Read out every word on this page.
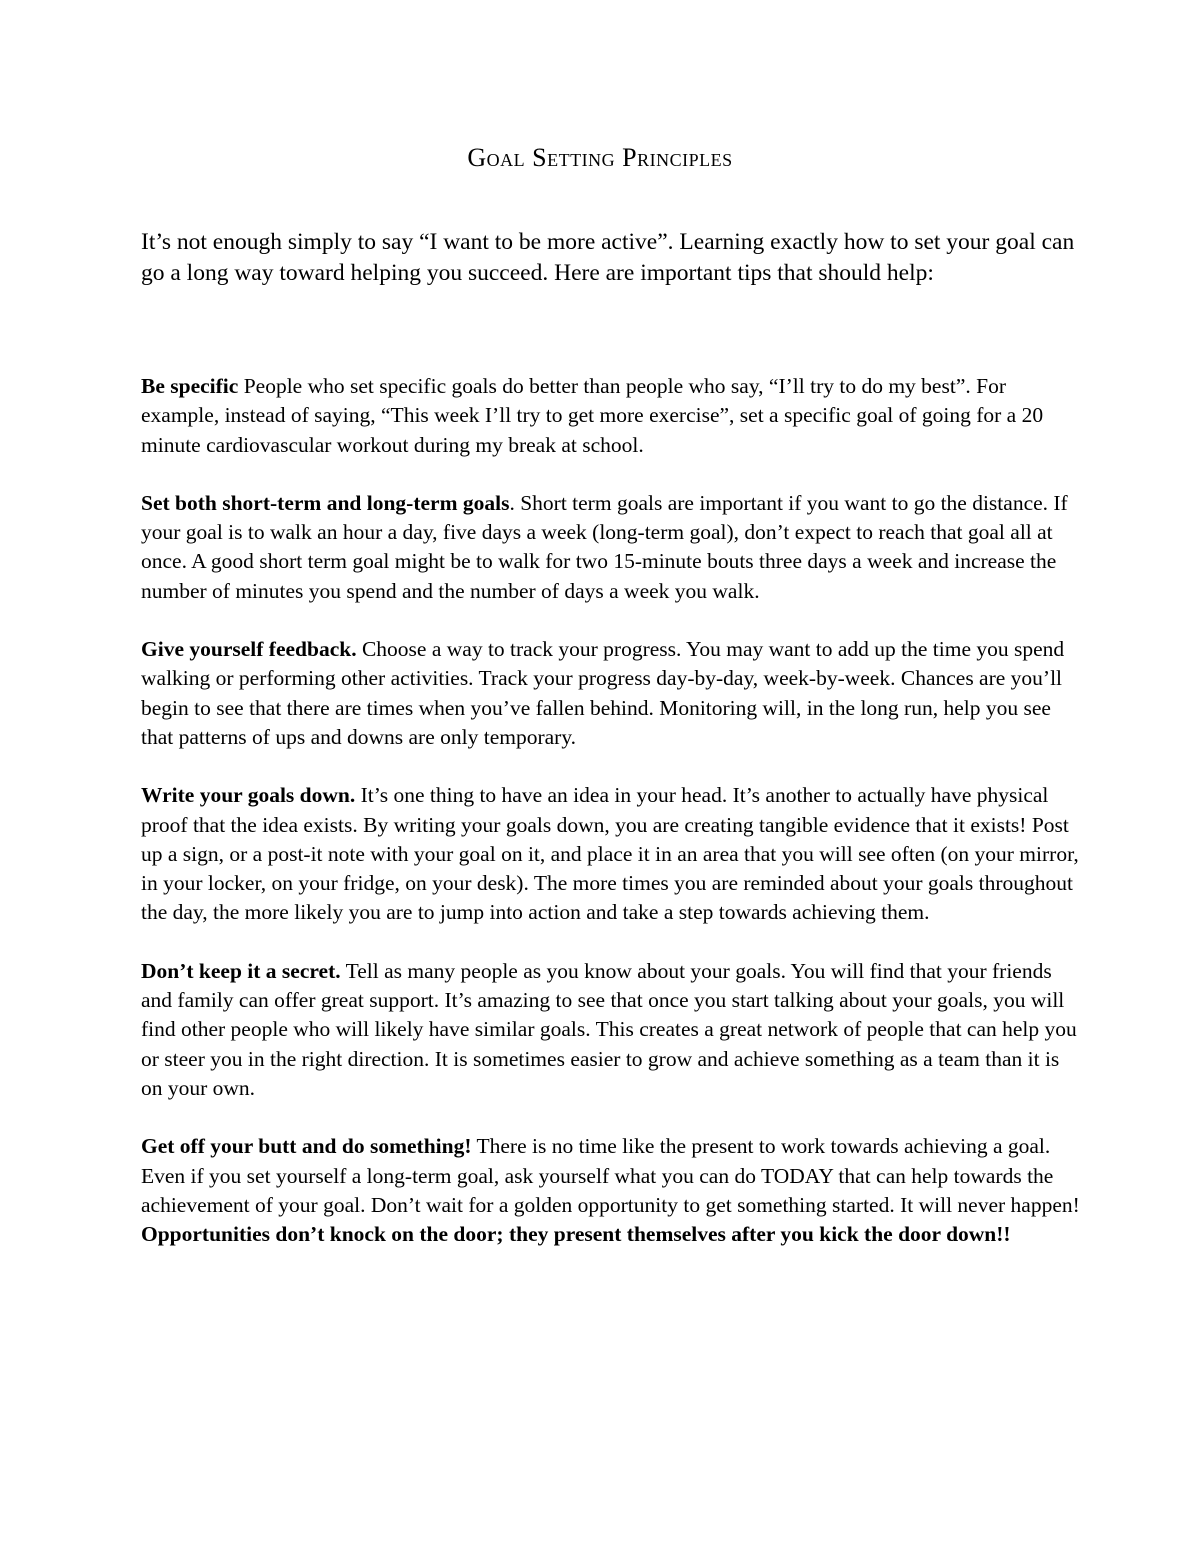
Goal Setting Principles

It’s not enough simply to say “I want to be more active”. Learning exactly how to set your goal can go a long way toward helping you succeed. Here are important tips that should help:

Be specific People who set specific goals do better than people who say, “I’ll try to do my best”. For example, instead of saying, “This week I’ll try to get more exercise”, set a specific goal of going for a 20 minute cardiovascular workout during my break at school.

Set both short-term and long-term goals. Short term goals are important if you want to go the distance. If your goal is to walk an hour a day, five days a week (long-term goal), don’t expect to reach that goal all at once. A good short term goal might be to walk for two 15-minute bouts three days a week and increase the number of minutes you spend and the number of days a week you walk.

Give yourself feedback. Choose a way to track your progress. You may want to add up the time you spend walking or performing other activities. Track your progress day-by-day, week-by-week. Chances are you’ll begin to see that there are times when you’ve fallen behind. Monitoring will, in the long run, help you see that patterns of ups and downs are only temporary.

Write your goals down. It’s one thing to have an idea in your head. It’s another to actually have physical proof that the idea exists. By writing your goals down, you are creating tangible evidence that it exists! Post up a sign, or a post-it note with your goal on it, and place it in an area that you will see often (on your mirror, in your locker, on your fridge, on your desk). The more times you are reminded about your goals throughout the day, the more likely you are to jump into action and take a step towards achieving them.

Don’t keep it a secret. Tell as many people as you know about your goals. You will find that your friends and family can offer great support. It’s amazing to see that once you start talking about your goals, you will find other people who will likely have similar goals. This creates a great network of people that can help you or steer you in the right direction. It is sometimes easier to grow and achieve something as a team than it is on your own.

Get off your butt and do something! There is no time like the present to work towards achieving a goal. Even if you set yourself a long-term goal, ask yourself what you can do TODAY that can help towards the achievement of your goal. Don’t wait for a golden opportunity to get something started. It will never happen! Opportunities don’t knock on the door; they present themselves after you kick the door down!!
